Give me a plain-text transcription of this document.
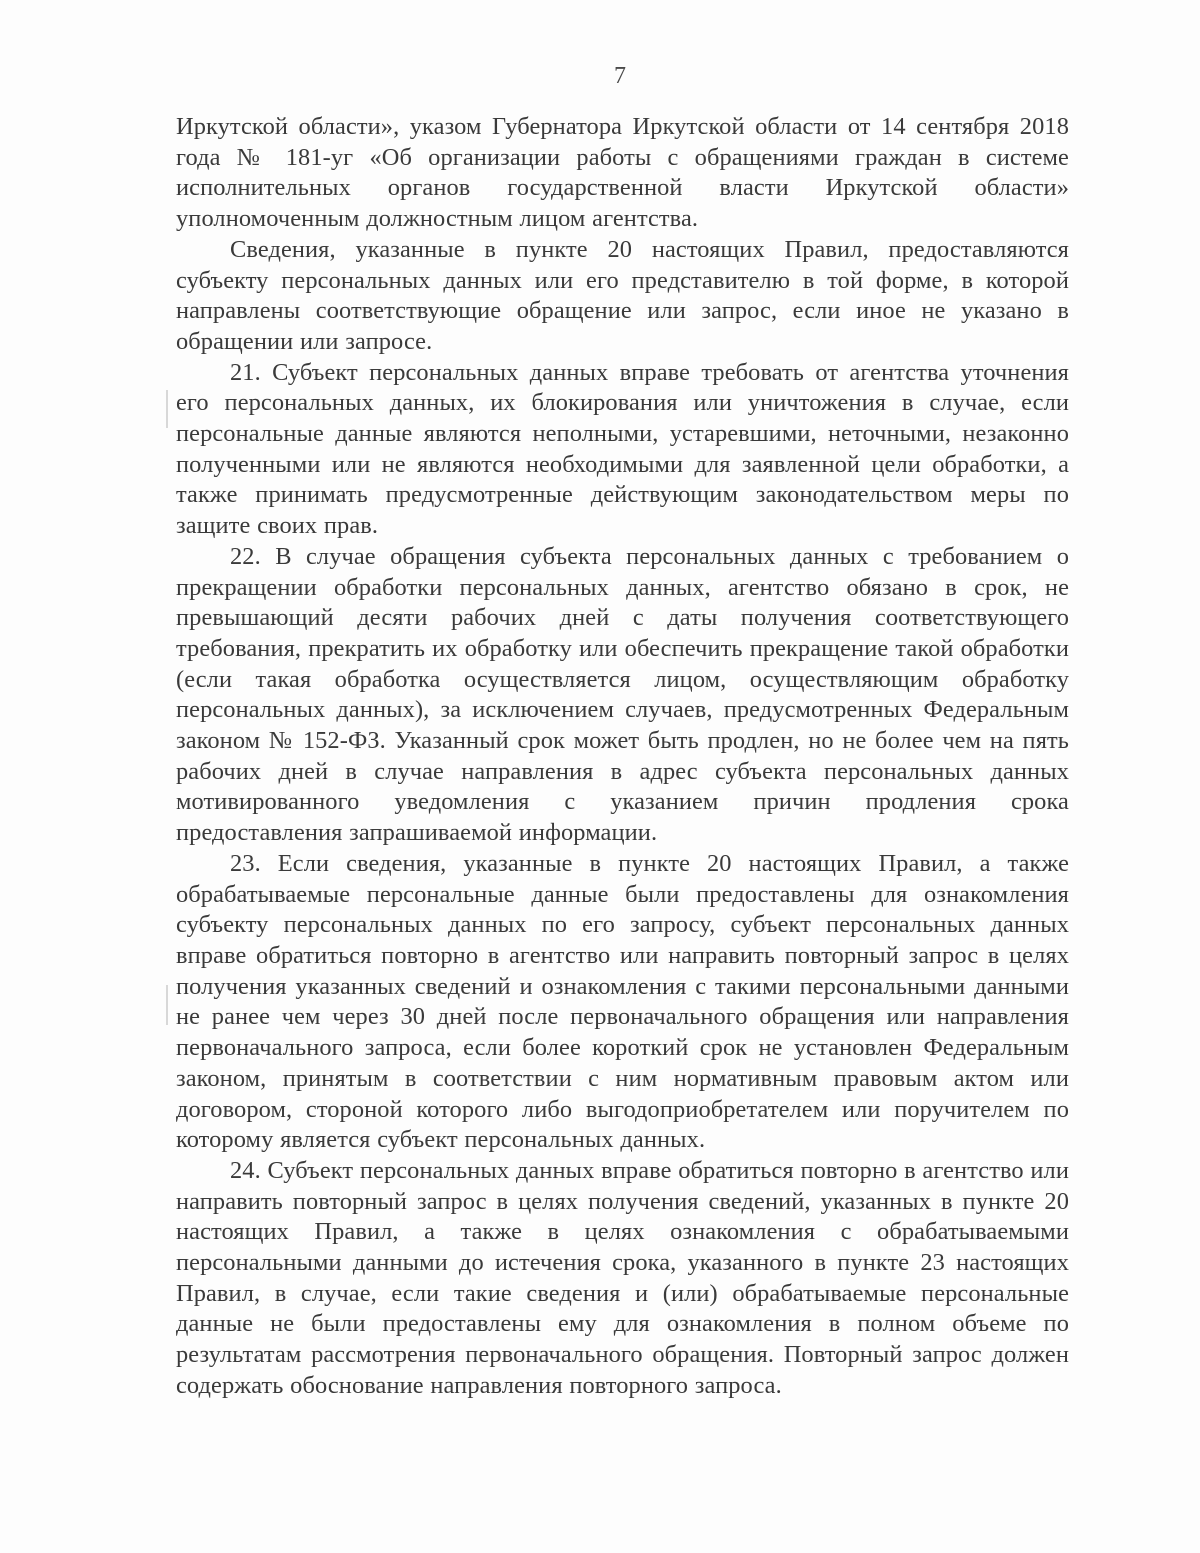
7

Иркутской области», указом Губернатора Иркутской области от 14 сентября 2018 года № 181-уг «Об организации работы с обращениями граждан в системе исполнительных органов государственной власти Иркутской области» уполномоченным должностным лицом агентства.

Сведения, указанные в пункте 20 настоящих Правил, предоставляются субъекту персональных данных или его представителю в той форме, в которой направлены соответствующие обращение или запрос, если иное не указано в обращении или запросе.

21. Субъект персональных данных вправе требовать от агентства уточнения его персональных данных, их блокирования или уничтожения в случае, если персональные данные являются неполными, устаревшими, неточными, незаконно полученными или не являются необходимыми для заявленной цели обработки, а также принимать предусмотренные действующим законодательством меры по защите своих прав.

22. В случае обращения субъекта персональных данных с требованием о прекращении обработки персональных данных, агентство обязано в срок, не превышающий десяти рабочих дней с даты получения соответствующего требования, прекратить их обработку или обеспечить прекращение такой обработки (если такая обработка осуществляется лицом, осуществляющим обработку персональных данных), за исключением случаев, предусмотренных Федеральным законом № 152-ФЗ. Указанный срок может быть продлен, но не более чем на пять рабочих дней в случае направления в адрес субъекта персональных данных мотивированного уведомления с указанием причин продления срока предоставления запрашиваемой информации.

23. Если сведения, указанные в пункте 20 настоящих Правил, а также обрабатываемые персональные данные были предоставлены для ознакомления субъекту персональных данных по его запросу, субъект персональных данных вправе обратиться повторно в агентство или направить повторный запрос в целях получения указанных сведений и ознакомления с такими персональными данными не ранее чем через 30 дней после первоначального обращения или направления первоначального запроса, если более короткий срок не установлен Федеральным законом, принятым в соответствии с ним нормативным правовым актом или договором, стороной которого либо выгодоприобретателем или поручителем по которому является субъект персональных данных.

24. Субъект персональных данных вправе обратиться повторно в агентство или направить повторный запрос в целях получения сведений, указанных в пункте 20 настоящих Правил, а также в целях ознакомления с обрабатываемыми персональными данными до истечения срока, указанного в пункте 23 настоящих Правил, в случае, если такие сведения и (или) обрабатываемые персональные данные не были предоставлены ему для ознакомления в полном объеме по результатам рассмотрения первоначального обращения. Повторный запрос должен содержать обоснование направления повторного запроса.
